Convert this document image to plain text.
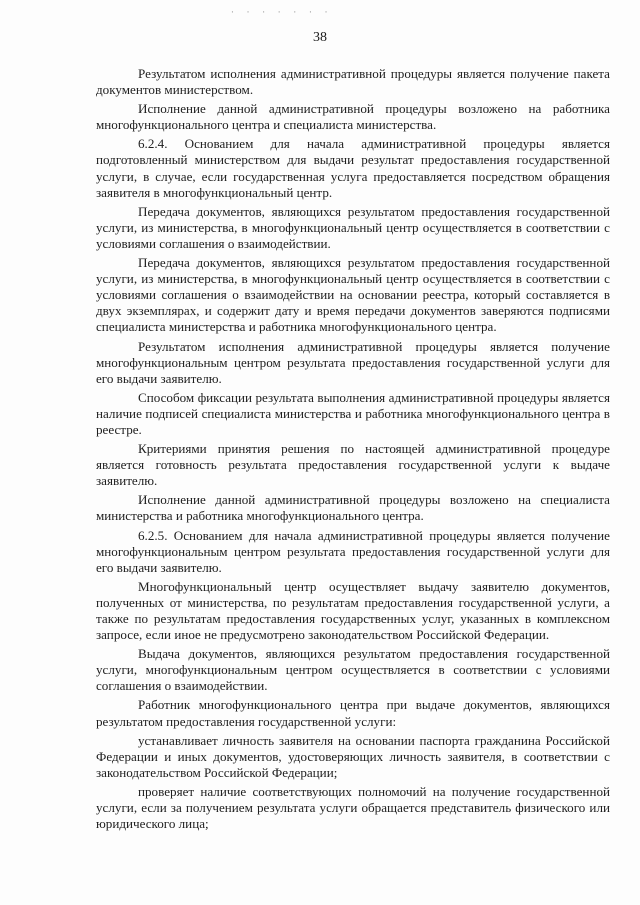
· · · · · · ·
38

Результатом исполнения административной процедуры является получение пакета документов министерством.

Исполнение данной административной процедуры возложено на работника многофункционального центра и специалиста министерства.

6.2.4. Основанием для начала административной процедуры является подготовленный министерством для выдачи результат предоставления государственной услуги, в случае, если государственная услуга предоставляется посредством обращения заявителя в многофункциональный центр.

Передача документов, являющихся результатом предоставления государственной услуги, из министерства, в многофункциональный центр осуществляется в соответствии с условиями соглашения о взаимодействии.

Передача документов, являющихся результатом предоставления государственной услуги, из министерства, в многофункциональный центр осуществляется в соответствии с условиями соглашения о взаимодействии на основании реестра, который составляется в двух экземплярах, и содержит дату и время передачи документов заверяются подписями специалиста министерства и работника многофункционального центра.

Результатом исполнения административной процедуры является получение многофункциональным центром результата предоставления государственной услуги для его выдачи заявителю.

Способом фиксации результата выполнения административной процедуры является наличие подписей специалиста министерства и работника многофункционального центра в реестре.

Критериями принятия решения по настоящей административной процедуре является готовность результата предоставления государственной услуги к выдаче заявителю.

Исполнение данной административной процедуры возложено на специалиста министерства и работника многофункционального центра.

6.2.5. Основанием для начала административной процедуры является получение многофункциональным центром результата предоставления государственной услуги для его выдачи заявителю.

Многофункциональный центр осуществляет выдачу заявителю документов, полученных от министерства, по результатам предоставления государственной услуги, а также по результатам предоставления государственных услуг, указанных в комплексном запросе, если иное не предусмотрено законодательством Российской Федерации.

Выдача документов, являющихся результатом предоставления государственной услуги, многофункциональным центром осуществляется в соответствии с условиями соглашения о взаимодействии.

Работник многофункционального центра при выдаче документов, являющихся результатом предоставления государственной услуги:

устанавливает личность заявителя на основании паспорта гражданина Российской Федерации и иных документов, удостоверяющих личность заявителя, в соответствии с законодательством Российской Федерации;

проверяет наличие соответствующих полномочий на получение государственной услуги, если за получением результата услуги обращается представитель физического или юридического лица;
